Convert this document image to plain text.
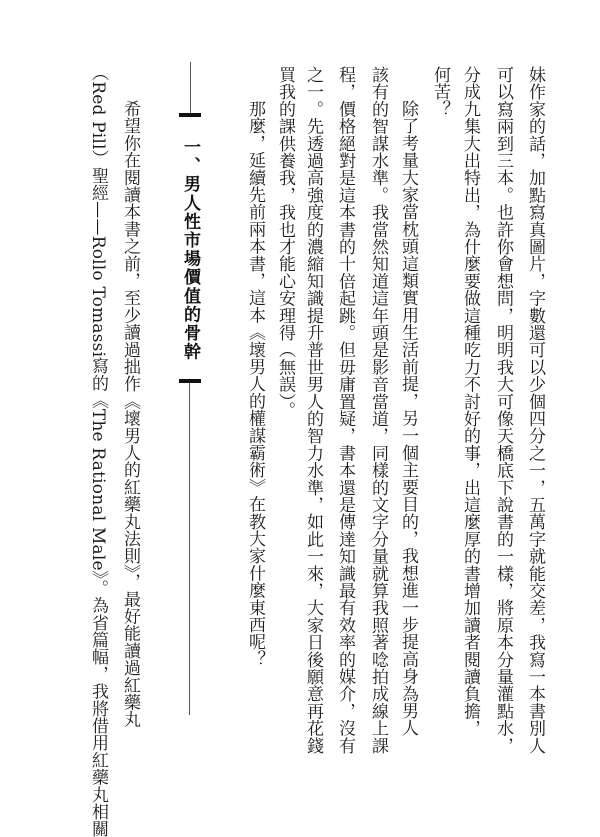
妹作家的話，加點寫真圖片，字數還可以少個四分之一，五萬字就能交差，我寫一本書別人
可以寫兩到三本。也許你會想問，明明我大可像天橋底下說書的一樣，將原本分量灌點水，
分成九集大出特出，為什麼要做這種吃力不討好的事，出這麼厚的書增加讀者閱讀負擔，
何苦？
除了考量大家當枕頭這類實用生活前提，另一個主要目的，我想進一步提高身為男人
該有的智謀水準。我當然知道這年頭是影音當道，同樣的文字分量就算我照著唸拍成線上課
程，價格絕對是這本書的十倍起跳。但毋庸置疑，書本還是傳達知識最有效率的媒介，沒有
之一。先透過高強度的濃縮知識提升普世男人的智力水準，如此一來，大家日後願意再花錢
買我的課供養我，我也才能心安理得（無誤）。
那麼，延續先前兩本書，這本《壞男人的權謀霸術》在教大家什麼東西呢？
一、男人性市場價值的骨幹
希望你在閱讀本書之前，至少讀過拙作《壞男人的紅藥丸法則》，最好能讀過紅藥丸
（Red Pill）聖經——Rollo Tomassi寫的《The Rational Male》。為省篇幅，我將借用紅藥丸相關
